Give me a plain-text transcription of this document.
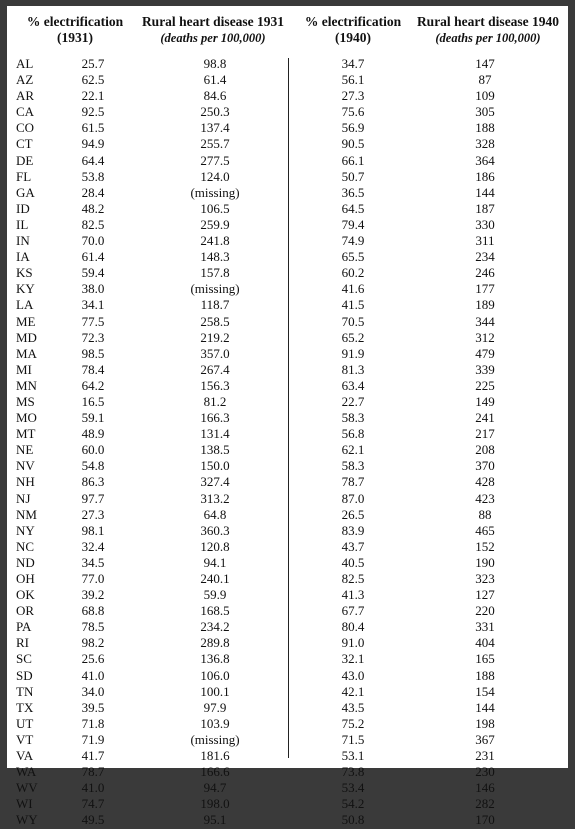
% electrification
(1931)
Rural heart disease 1931
(deaths per 100,000)
% electrification
(1940)
Rural heart disease 1940
(deaths per 100,000)
AL	25.7	98.8	34.7	147
AZ	62.5	61.4	56.1	87
AR	22.1	84.6	27.3	109
CA	92.5	250.3	75.6	305
CO	61.5	137.4	56.9	188
CT	94.9	255.7	90.5	328
DE	64.4	277.5	66.1	364
FL	53.8	124.0	50.7	186
GA	28.4	(missing)	36.5	144
ID	48.2	106.5	64.5	187
IL	82.5	259.9	79.4	330
IN	70.0	241.8	74.9	311
IA	61.4	148.3	65.5	234
KS	59.4	157.8	60.2	246
KY	38.0	(missing)	41.6	177
LA	34.1	118.7	41.5	189
ME	77.5	258.5	70.5	344
MD	72.3	219.2	65.2	312
MA	98.5	357.0	91.9	479
MI	78.4	267.4	81.3	339
MN	64.2	156.3	63.4	225
MS	16.5	81.2	22.7	149
MO	59.1	166.3	58.3	241
MT	48.9	131.4	56.8	217
NE	60.0	138.5	62.1	208
NV	54.8	150.0	58.3	370
NH	86.3	327.4	78.7	428
NJ	97.7	313.2	87.0	423
NM	27.3	64.8	26.5	88
NY	98.1	360.3	83.9	465
NC	32.4	120.8	43.7	152
ND	34.5	94.1	40.5	190
OH	77.0	240.1	82.5	323
OK	39.2	59.9	41.3	127
OR	68.8	168.5	67.7	220
PA	78.5	234.2	80.4	331
RI	98.2	289.8	91.0	404
SC	25.6	136.8	32.1	165
SD	41.0	106.0	43.0	188
TN	34.0	100.1	42.1	154
TX	39.5	97.9	43.5	144
UT	71.8	103.9	75.2	198
VT	71.9	(missing)	71.5	367
VA	41.7	181.6	53.1	231
WA	78.7	166.6	73.8	230
WV	41.0	94.7	53.4	146
WI	74.7	198.0	54.2	282
WY	49.5	95.1	50.8	170
